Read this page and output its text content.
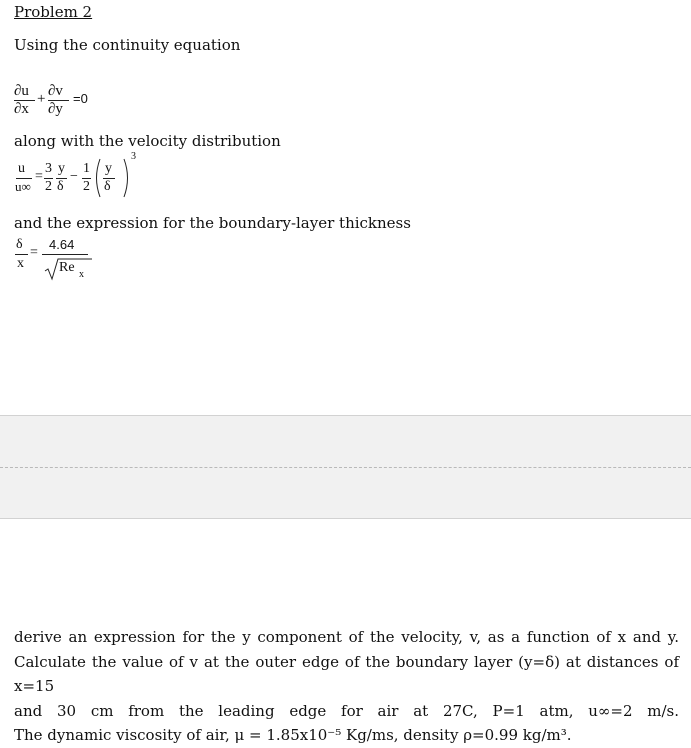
Problem 2
Using the continuity equation
∂u
∂x
+ ∂v
∂y
=0
along with the velocity distribution
u
u∞
=
3
2
y
δ
−
1
2
y
δ
3
and the expression for the boundary-layer thickness
δ
x
=
4.64
Re x
derive an expression for the y component of the velocity, v, as a function of x and y.
Calculate the value of v at the outer edge of the boundary layer (y=δ) at distances of x=15
and 30 cm from the leading edge for air at 27C, P=1 atm, u∞=2 m/s.
The dynamic viscosity of air, μ = 1.85x10⁻⁵ Kg/ms, density ρ=0.99 kg/m³.
